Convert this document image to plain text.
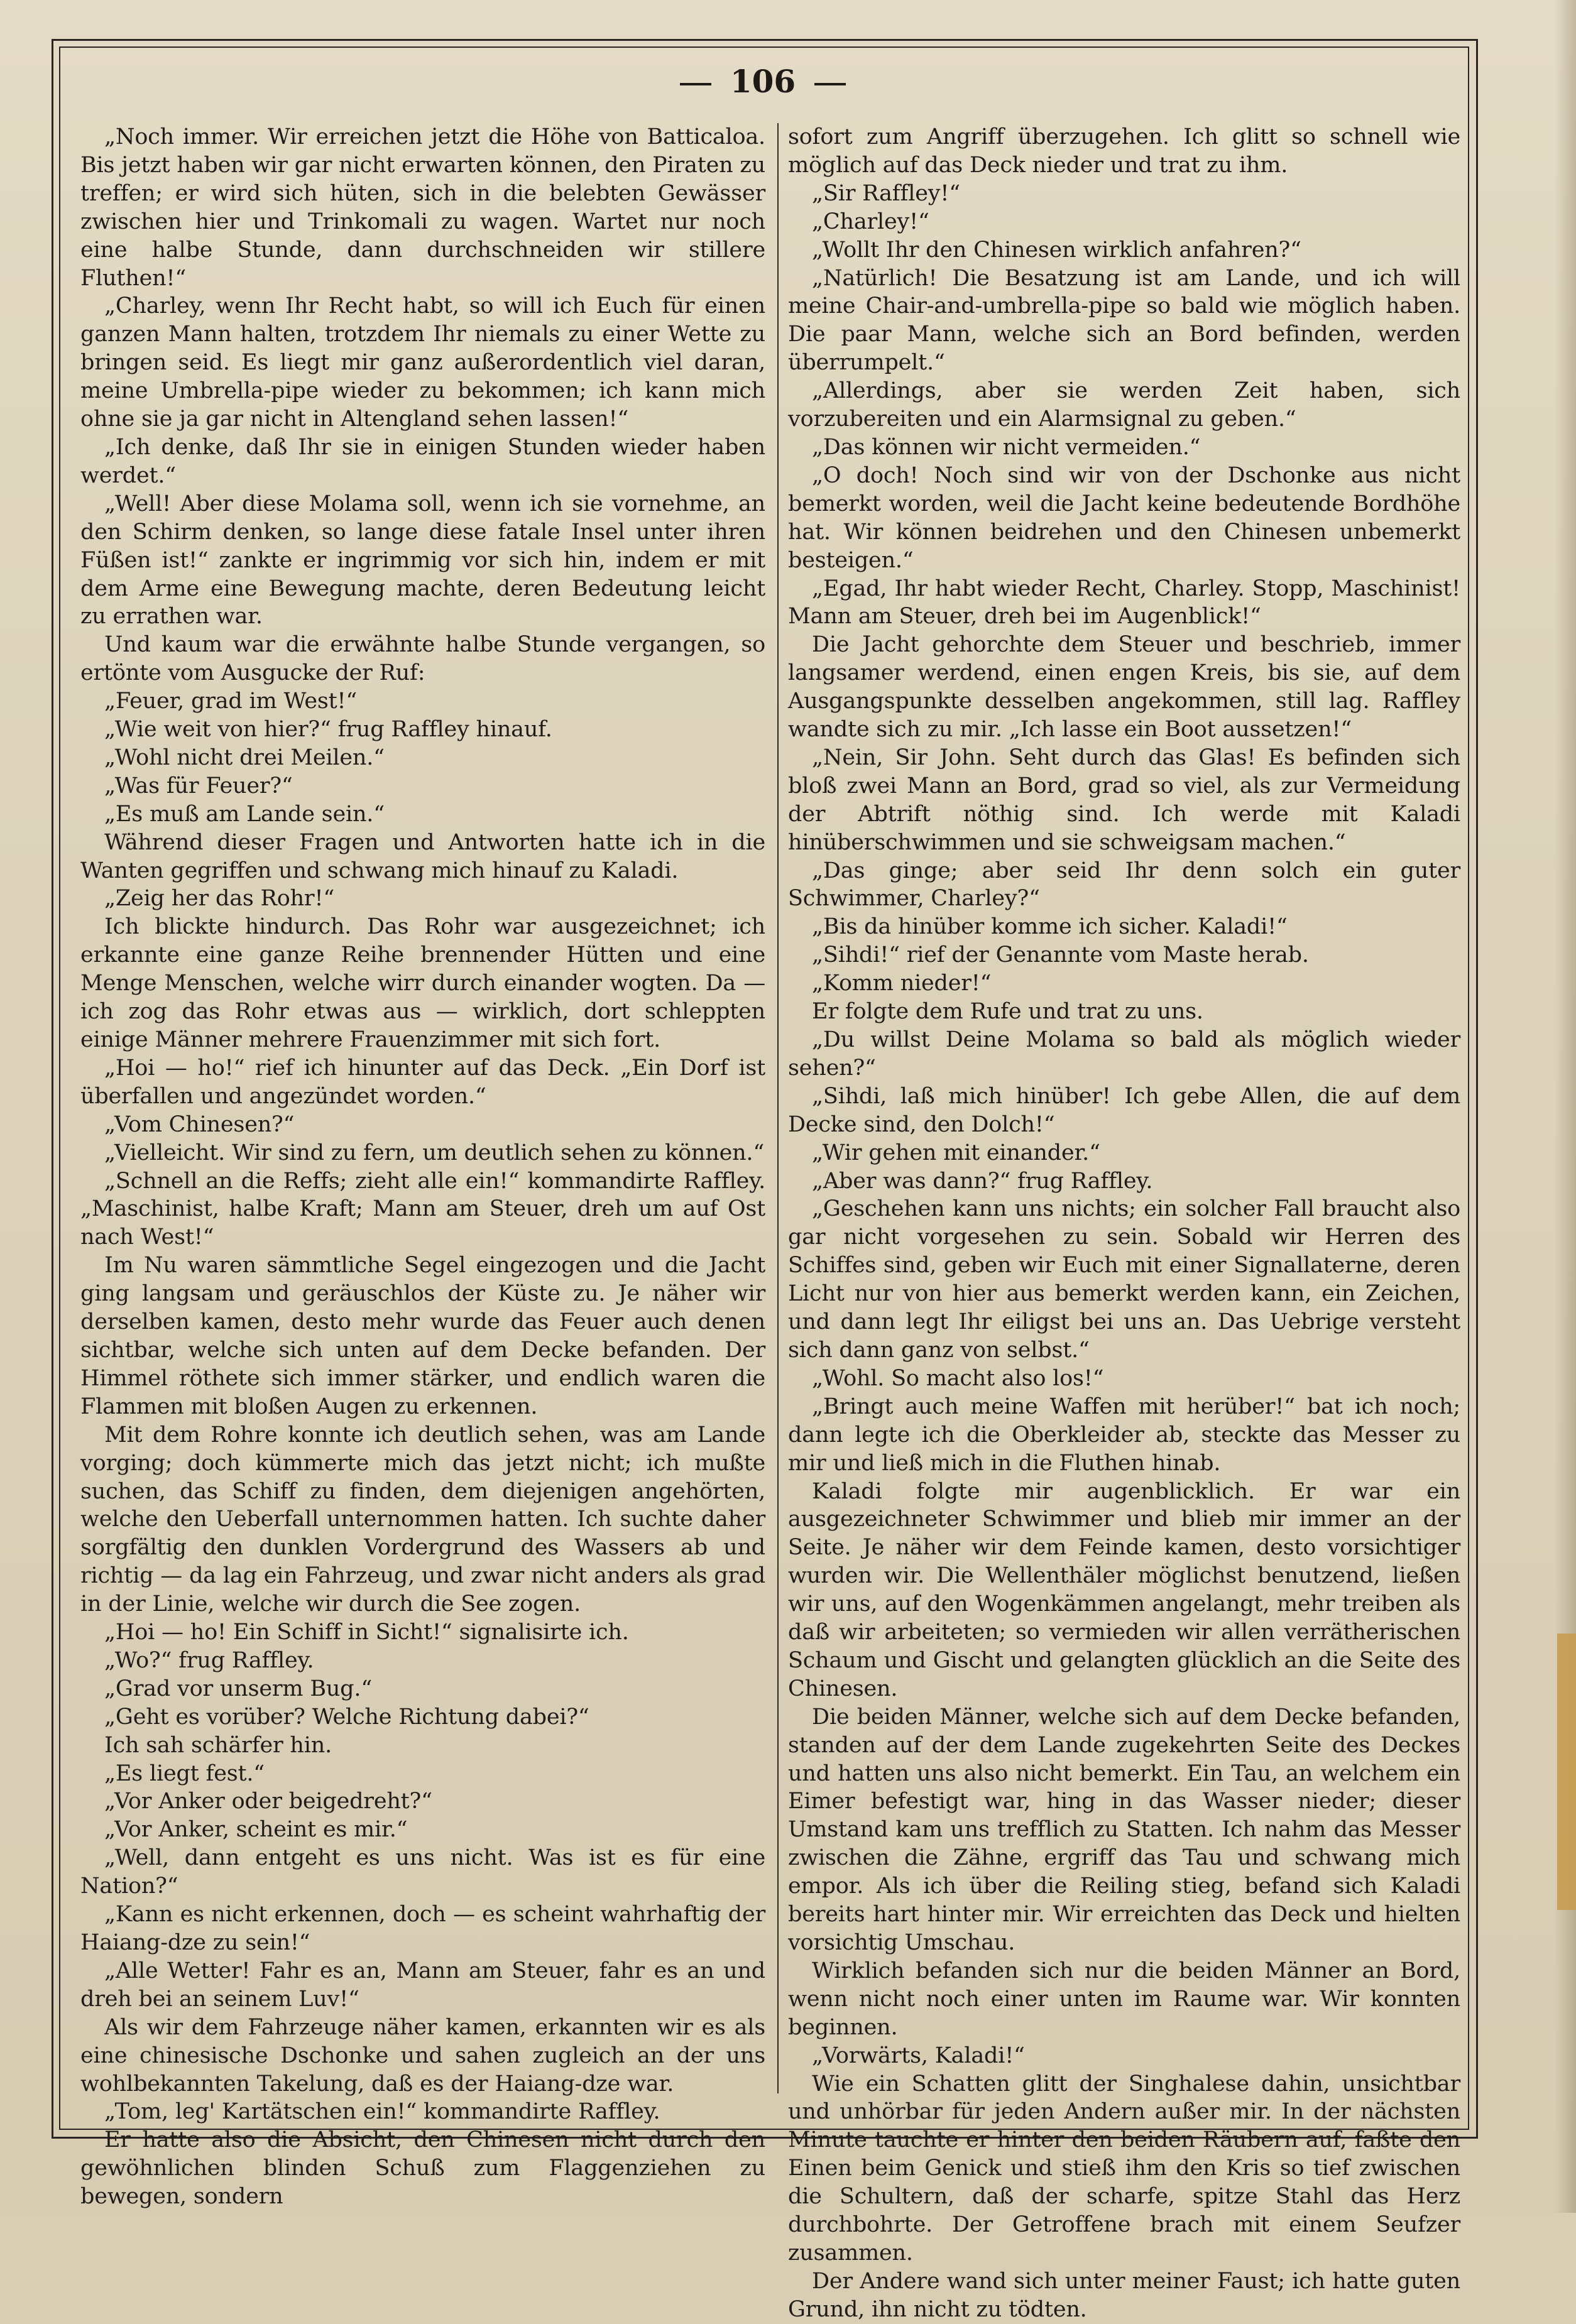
106

„Noch immer. Wir erreichen jetzt die Höhe von Batticaloa. Bis jetzt haben wir gar nicht erwarten können, den Piraten zu treffen; er wird sich hüten, sich in die belebten Gewässer zwischen hier und Trinkomali zu wagen. Wartet nur noch eine halbe Stunde, dann durchschneiden wir stillere Fluthen!“

„Charley, wenn Ihr Recht habt, so will ich Euch für einen ganzen Mann halten, trotzdem Ihr niemals zu einer Wette zu bringen seid. Es liegt mir ganz außerordentlich viel daran, meine Umbrella-pipe wieder zu bekommen; ich kann mich ohne sie ja gar nicht in Altengland sehen lassen!“

„Ich denke, daß Ihr sie in einigen Stunden wieder haben werdet.“

„Well! Aber diese Molama soll, wenn ich sie vornehme, an den Schirm denken, so lange diese fatale Insel unter ihren Füßen ist!“ zankte er ingrimmig vor sich hin, indem er mit dem Arme eine Bewegung machte, deren Bedeutung leicht zu errathen war.

Und kaum war die erwähnte halbe Stunde vergangen, so ertönte vom Ausgucke der Ruf:

„Feuer, grad im West!“

„Wie weit von hier?“ frug Raffley hinauf.

„Wohl nicht drei Meilen.“

„Was für Feuer?“

„Es muß am Lande sein.“

Während dieser Fragen und Antworten hatte ich in die Wanten gegriffen und schwang mich hinauf zu Kaladi.

„Zeig her das Rohr!“

Ich blickte hindurch. Das Rohr war ausgezeichnet; ich erkannte eine ganze Reihe brennender Hütten und eine Menge Menschen, welche wirr durch einander wogten. Da — ich zog das Rohr etwas aus — wirklich, dort schleppten einige Männer mehrere Frauenzimmer mit sich fort.

„Hoi — ho!“ rief ich hinunter auf das Deck. „Ein Dorf ist überfallen und angezündet worden.“

„Vom Chinesen?“

„Vielleicht. Wir sind zu fern, um deutlich sehen zu können.“

„Schnell an die Reffs; zieht alle ein!“ kommandirte Raffley. „Maschinist, halbe Kraft; Mann am Steuer, dreh um auf Ost nach West!“

Im Nu waren sämmtliche Segel eingezogen und die Jacht ging langsam und geräuschlos der Küste zu. Je näher wir derselben kamen, desto mehr wurde das Feuer auch denen sichtbar, welche sich unten auf dem Decke befanden. Der Himmel röthete sich immer stärker, und endlich waren die Flammen mit bloßen Augen zu erkennen.

Mit dem Rohre konnte ich deutlich sehen, was am Lande vorging; doch kümmerte mich das jetzt nicht; ich mußte suchen, das Schiff zu finden, dem diejenigen angehörten, welche den Ueberfall unternommen hatten. Ich suchte daher sorgfältig den dunklen Vordergrund des Wassers ab und richtig — da lag ein Fahrzeug, und zwar nicht anders als grad in der Linie, welche wir durch die See zogen.

„Hoi — ho! Ein Schiff in Sicht!“ signalisirte ich.

„Wo?“ frug Raffley.

„Grad vor unserm Bug.“

„Geht es vorüber? Welche Richtung dabei?“

Ich sah schärfer hin.

„Es liegt fest.“

„Vor Anker oder beigedreht?“

„Vor Anker, scheint es mir.“

„Well, dann entgeht es uns nicht. Was ist es für eine Nation?“

„Kann es nicht erkennen, doch — es scheint wahrhaftig der Haiang-dze zu sein!“

„Alle Wetter! Fahr es an, Mann am Steuer, fahr es an und dreh bei an seinem Luv!“

Als wir dem Fahrzeuge näher kamen, erkannten wir es als eine chinesische Dschonke und sahen zugleich an der uns wohlbekannten Takelung, daß es der Haiang-dze war.

„Tom, leg' Kartätschen ein!“ kommandirte Raffley.

Er hatte also die Absicht, den Chinesen nicht durch den gewöhnlichen blinden Schuß zum Flaggenziehen zu bewegen, sondern

sofort zum Angriff überzugehen. Ich glitt so schnell wie möglich auf das Deck nieder und trat zu ihm.

„Sir Raffley!“

„Charley!“

„Wollt Ihr den Chinesen wirklich anfahren?“

„Natürlich! Die Besatzung ist am Lande, und ich will meine Chair-and-umbrella-pipe so bald wie möglich haben. Die paar Mann, welche sich an Bord befinden, werden überrumpelt.“

„Allerdings, aber sie werden Zeit haben, sich vorzubereiten und ein Alarmsignal zu geben.“

„Das können wir nicht vermeiden.“

„O doch! Noch sind wir von der Dschonke aus nicht bemerkt worden, weil die Jacht keine bedeutende Bordhöhe hat. Wir können beidrehen und den Chinesen unbemerkt besteigen.“

„Egad, Ihr habt wieder Recht, Charley. Stopp, Maschinist! Mann am Steuer, dreh bei im Augenblick!“

Die Jacht gehorchte dem Steuer und beschrieb, immer langsamer werdend, einen engen Kreis, bis sie, auf dem Ausgangspunkte desselben angekommen, still lag. Raffley wandte sich zu mir. „Ich lasse ein Boot aussetzen!“

„Nein, Sir John. Seht durch das Glas! Es befinden sich bloß zwei Mann an Bord, grad so viel, als zur Vermeidung der Abtrift nöthig sind. Ich werde mit Kaladi hinüberschwimmen und sie schweigsam machen.“

„Das ginge; aber seid Ihr denn solch ein guter Schwimmer, Charley?“

„Bis da hinüber komme ich sicher. Kaladi!“

„Sihdi!“ rief der Genannte vom Maste herab.

„Komm nieder!“

Er folgte dem Rufe und trat zu uns.

„Du willst Deine Molama so bald als möglich wieder sehen?“

„Sihdi, laß mich hinüber! Ich gebe Allen, die auf dem Decke sind, den Dolch!“

„Wir gehen mit einander.“

„Aber was dann?“ frug Raffley.

„Geschehen kann uns nichts; ein solcher Fall braucht also gar nicht vorgesehen zu sein. Sobald wir Herren des Schiffes sind, geben wir Euch mit einer Signallaterne, deren Licht nur von hier aus bemerkt werden kann, ein Zeichen, und dann legt Ihr eiligst bei uns an. Das Uebrige versteht sich dann ganz von selbst.“

„Wohl. So macht also los!“

„Bringt auch meine Waffen mit herüber!“ bat ich noch; dann legte ich die Oberkleider ab, steckte das Messer zu mir und ließ mich in die Fluthen hinab.

Kaladi folgte mir augenblicklich. Er war ein ausgezeichneter Schwimmer und blieb mir immer an der Seite. Je näher wir dem Feinde kamen, desto vorsichtiger wurden wir. Die Wellenthäler möglichst benutzend, ließen wir uns, auf den Wogenkämmen angelangt, mehr treiben als daß wir arbeiteten; so vermieden wir allen verrätherischen Schaum und Gischt und gelangten glücklich an die Seite des Chinesen.

Die beiden Männer, welche sich auf dem Decke befanden, standen auf der dem Lande zugekehrten Seite des Deckes und hatten uns also nicht bemerkt. Ein Tau, an welchem ein Eimer befestigt war, hing in das Wasser nieder; dieser Umstand kam uns trefflich zu Statten. Ich nahm das Messer zwischen die Zähne, ergriff das Tau und schwang mich empor. Als ich über die Reiling stieg, befand sich Kaladi bereits hart hinter mir. Wir erreichten das Deck und hielten vorsichtig Umschau.

Wirklich befanden sich nur die beiden Männer an Bord, wenn nicht noch einer unten im Raume war. Wir konnten beginnen.

„Vorwärts, Kaladi!“

Wie ein Schatten glitt der Singhalese dahin, unsichtbar und unhörbar für jeden Andern außer mir. In der nächsten Minute tauchte er hinter den beiden Räubern auf, faßte den Einen beim Genick und stieß ihm den Kris so tief zwischen die Schultern, daß der scharfe, spitze Stahl das Herz durchbohrte. Der Getroffene brach mit einem Seufzer zusammen.

Der Andere wand sich unter meiner Faust; ich hatte guten Grund, ihn nicht zu tödten.
